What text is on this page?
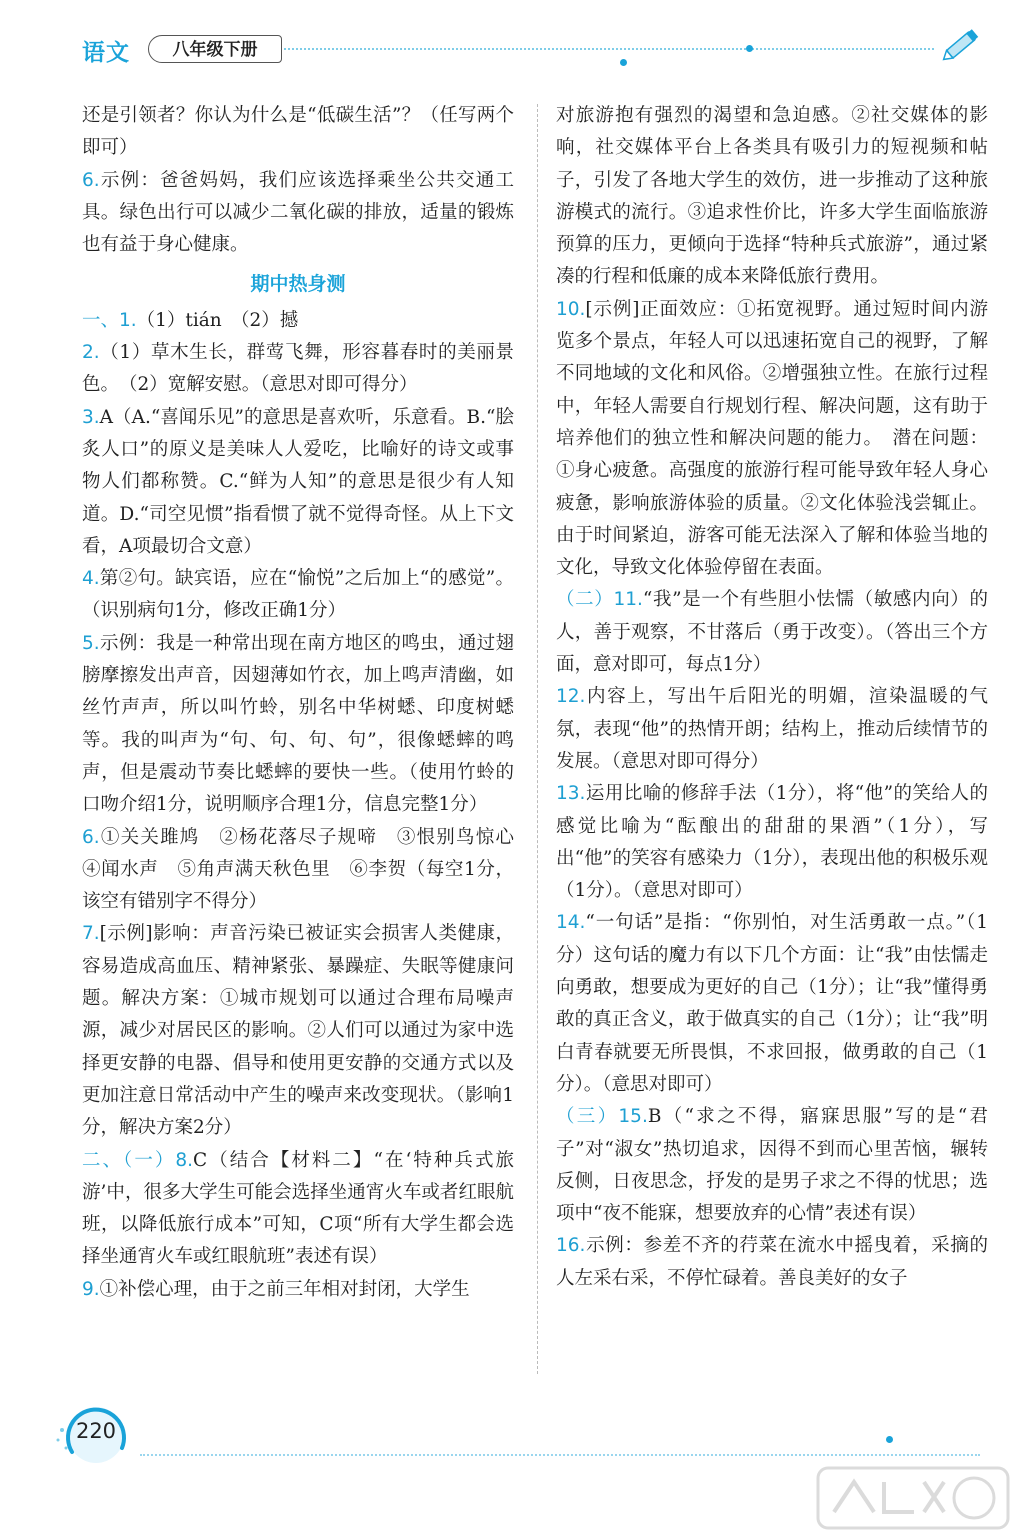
语文	八年级下册

还是引领者？你认为什么是“低碳生活”？（任写两个即可）

6.示例：爸爸妈妈，我们应该选择乘坐公共交通工具。绿色出行可以减少二氧化碳的排放，适量的锻炼也有益于身心健康。

期中热身测

一、1.（1）tián　（2）撼

2.（1）草木生长，群莺飞舞，形容暮春时的美丽景色。　（2）宽解安慰。（意思对即可得分）

3.A（A.“喜闻乐见”的意思是喜欢听，乐意看。B.“脍炙人口”的原义是美味人人爱吃，比喻好的诗文或事物人们都称赞。C.“鲜为人知”的意思是很少有人知道。D.“司空见惯”指看惯了就不觉得奇怪。从上下文看，A项最切合文意）

4.第②句。缺宾语，应在“愉悦”之后加上“的感觉”。（识别病句1分，修改正确1分）

5.示例：我是一种常出现在南方地区的鸣虫，通过翅膀摩擦发出声音，因翅薄如竹衣，加上鸣声清幽，如丝竹声声，所以叫竹蛉，别名中华树蟋、印度树蟋等。我的叫声为“句、句、句、句”，很像蟋蟀的鸣声，但是震动节奏比蟋蟀的要快一些。（使用竹蛉的口吻介绍1分，说明顺序合理1分，信息完整1分）

6.①关关雎鸠　②杨花落尽子规啼　③恨别鸟惊心　④闻水声　⑤角声满天秋色里　⑥李贺（每空1分，该空有错别字不得分）

7.[示例]影响：声音污染已被证实会损害人类健康，容易造成高血压、精神紧张、暴躁症、失眠等健康问题。解决方案：①城市规划可以通过合理布局噪声源，减少对居民区的影响。②人们可以通过为家中选择更安静的电器、倡导和使用更安静的交通方式以及更加注意日常活动中产生的噪声来改变现状。（影响1分，解决方案2分）

二、（一）8.C（结合【材料二】“在‘特种兵式旅游’中，很多大学生可能会选择坐通宵火车或者红眼航班，以降低旅行成本”可知，C项“所有大学生都会选择坐通宵火车或红眼航班”表述有误）

9.①补偿心理，由于之前三年相对封闭，大学生

对旅游抱有强烈的渴望和急迫感。②社交媒体的影响，社交媒体平台上各类具有吸引力的短视频和帖子，引发了各地大学生的效仿，进一步推动了这种旅游模式的流行。③追求性价比，许多大学生面临旅游预算的压力，更倾向于选择“特种兵式旅游”，通过紧凑的行程和低廉的成本来降低旅行费用。

10.[示例]正面效应：①拓宽视野。通过短时间内游览多个景点，年轻人可以迅速拓宽自己的视野，了解不同地域的文化和风俗。②增强独立性。在旅行过程中，年轻人需要自行规划行程、解决问题，这有助于培养他们的独立性和解决问题的能力。　潜在问题：①身心疲惫。高强度的旅游行程可能导致年轻人身心疲惫，影响旅游体验的质量。②文化体验浅尝辄止。由于时间紧迫，游客可能无法深入了解和体验当地的文化，导致文化体验停留在表面。

（二）11.“我”是一个有些胆小怯懦（敏感内向）的人，善于观察，不甘落后（勇于改变）。（答出三个方面，意对即可，每点1分）

12.内容上，写出午后阳光的明媚，渲染温暖的气氛，表现“他”的热情开朗；结构上，推动后续情节的发展。（意思对即可得分）

13.运用比喻的修辞手法（1分），将“他”的笑给人的感觉比喻为“酝酿出的甜甜的果酒”（1分），写出“他”的笑容有感染力（1分），表现出他的积极乐观（1分）。（意思对即可）

14.“一句话”是指：“你别怕，对生活勇敢一点。”（1分）这句话的魔力有以下几个方面：让“我”由怯懦走向勇敢，想要成为更好的自己（1分）；让“我”懂得勇敢的真正含义，敢于做真实的自己（1分）；让“我”明白青春就要无所畏惧，不求回报，做勇敢的自己（1分）。（意思对即可）

（三）15.B（“求之不得，寤寐思服”写的是“君子”对“淑女”热切追求，因得不到而心里苦恼，辗转反侧，日夜思念，抒发的是男子求之不得的忧思；选项中“夜不能寐，想要放弃的心情”表述有误）

16.示例：参差不齐的荇菜在流水中摇曳着，采摘的人左采右采，不停忙碌着。善良美好的女子

220
